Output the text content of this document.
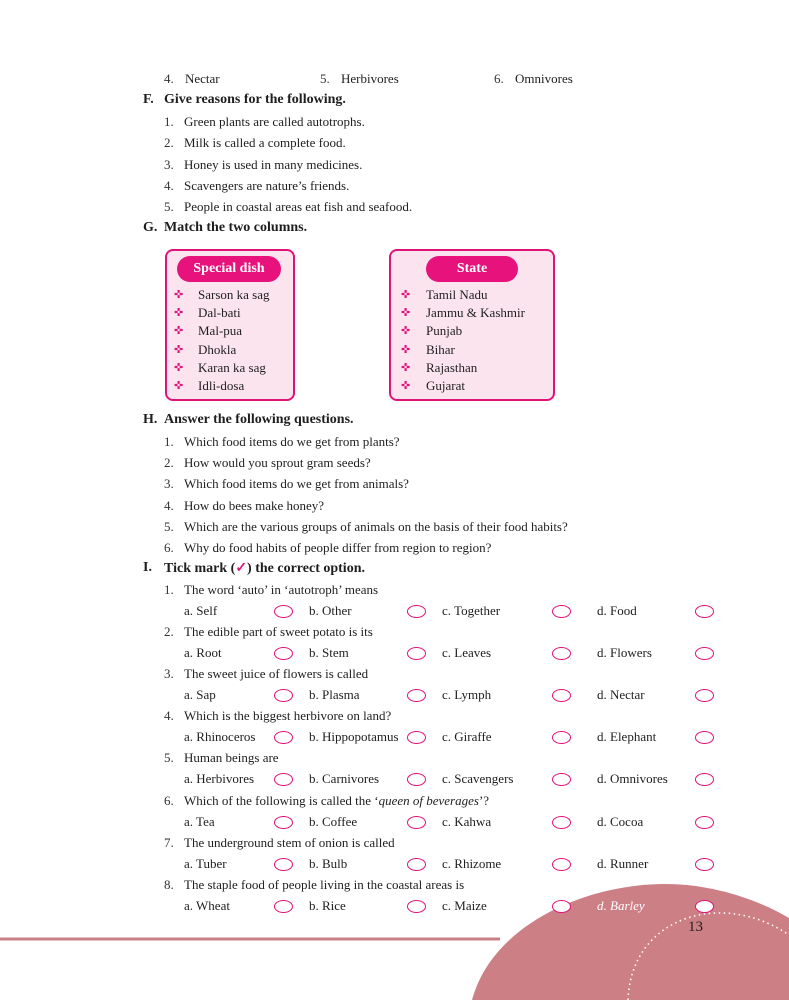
4. Nectar	5. Herbivores	6. Omnivores
F. Give reasons for the following.
1. Green plants are called autotrophs.
2. Milk is called a complete food.
3. Honey is used in many medicines.
4. Scavengers are nature’s friends.
5. People in coastal areas eat fish and seafood.
G. Match the two columns.
Special dish
✜ Sarson ka sag
✜ Dal-bati
✜ Mal-pua
✜ Dhokla
✜ Karan ka sag
✜ Idli-dosa
State
✜ Tamil Nadu
✜ Jammu & Kashmir
✜ Punjab
✜ Bihar
✜ Rajasthan
✜ Gujarat
H. Answer the following questions.
1. Which food items do we get from plants?
2. How would you sprout gram seeds?
3. Which food items do we get from animals?
4. How do bees make honey?
5. Which are the various groups of animals on the basis of their food habits?
6. Why do food habits of people differ from region to region?
I. Tick mark (✓) the correct option.
1. The word ‘auto’ in ‘autotroph’ means
a. Self	b. Other	c. Together	d. Food
2. The edible part of sweet potato is its
a. Root	b. Stem	c. Leaves	d. Flowers
3. The sweet juice of flowers is called
a. Sap	b. Plasma	c. Lymph	d. Nectar
4. Which is the biggest herbivore on land?
a. Rhinoceros	b. Hippopotamus	c. Giraffe	d. Elephant
5. Human beings are
a. Herbivores	b. Carnivores	c. Scavengers	d. Omnivores
6. Which of the following is called the ‘queen of beverages’?
a. Tea	b. Coffee	c. Kahwa	d. Cocoa
7. The underground stem of onion is called
a. Tuber	b. Bulb	c. Rhizome	d. Runner
8. The staple food of people living in the coastal areas is
a. Wheat	b. Rice	c. Maize	d. Barley
13
